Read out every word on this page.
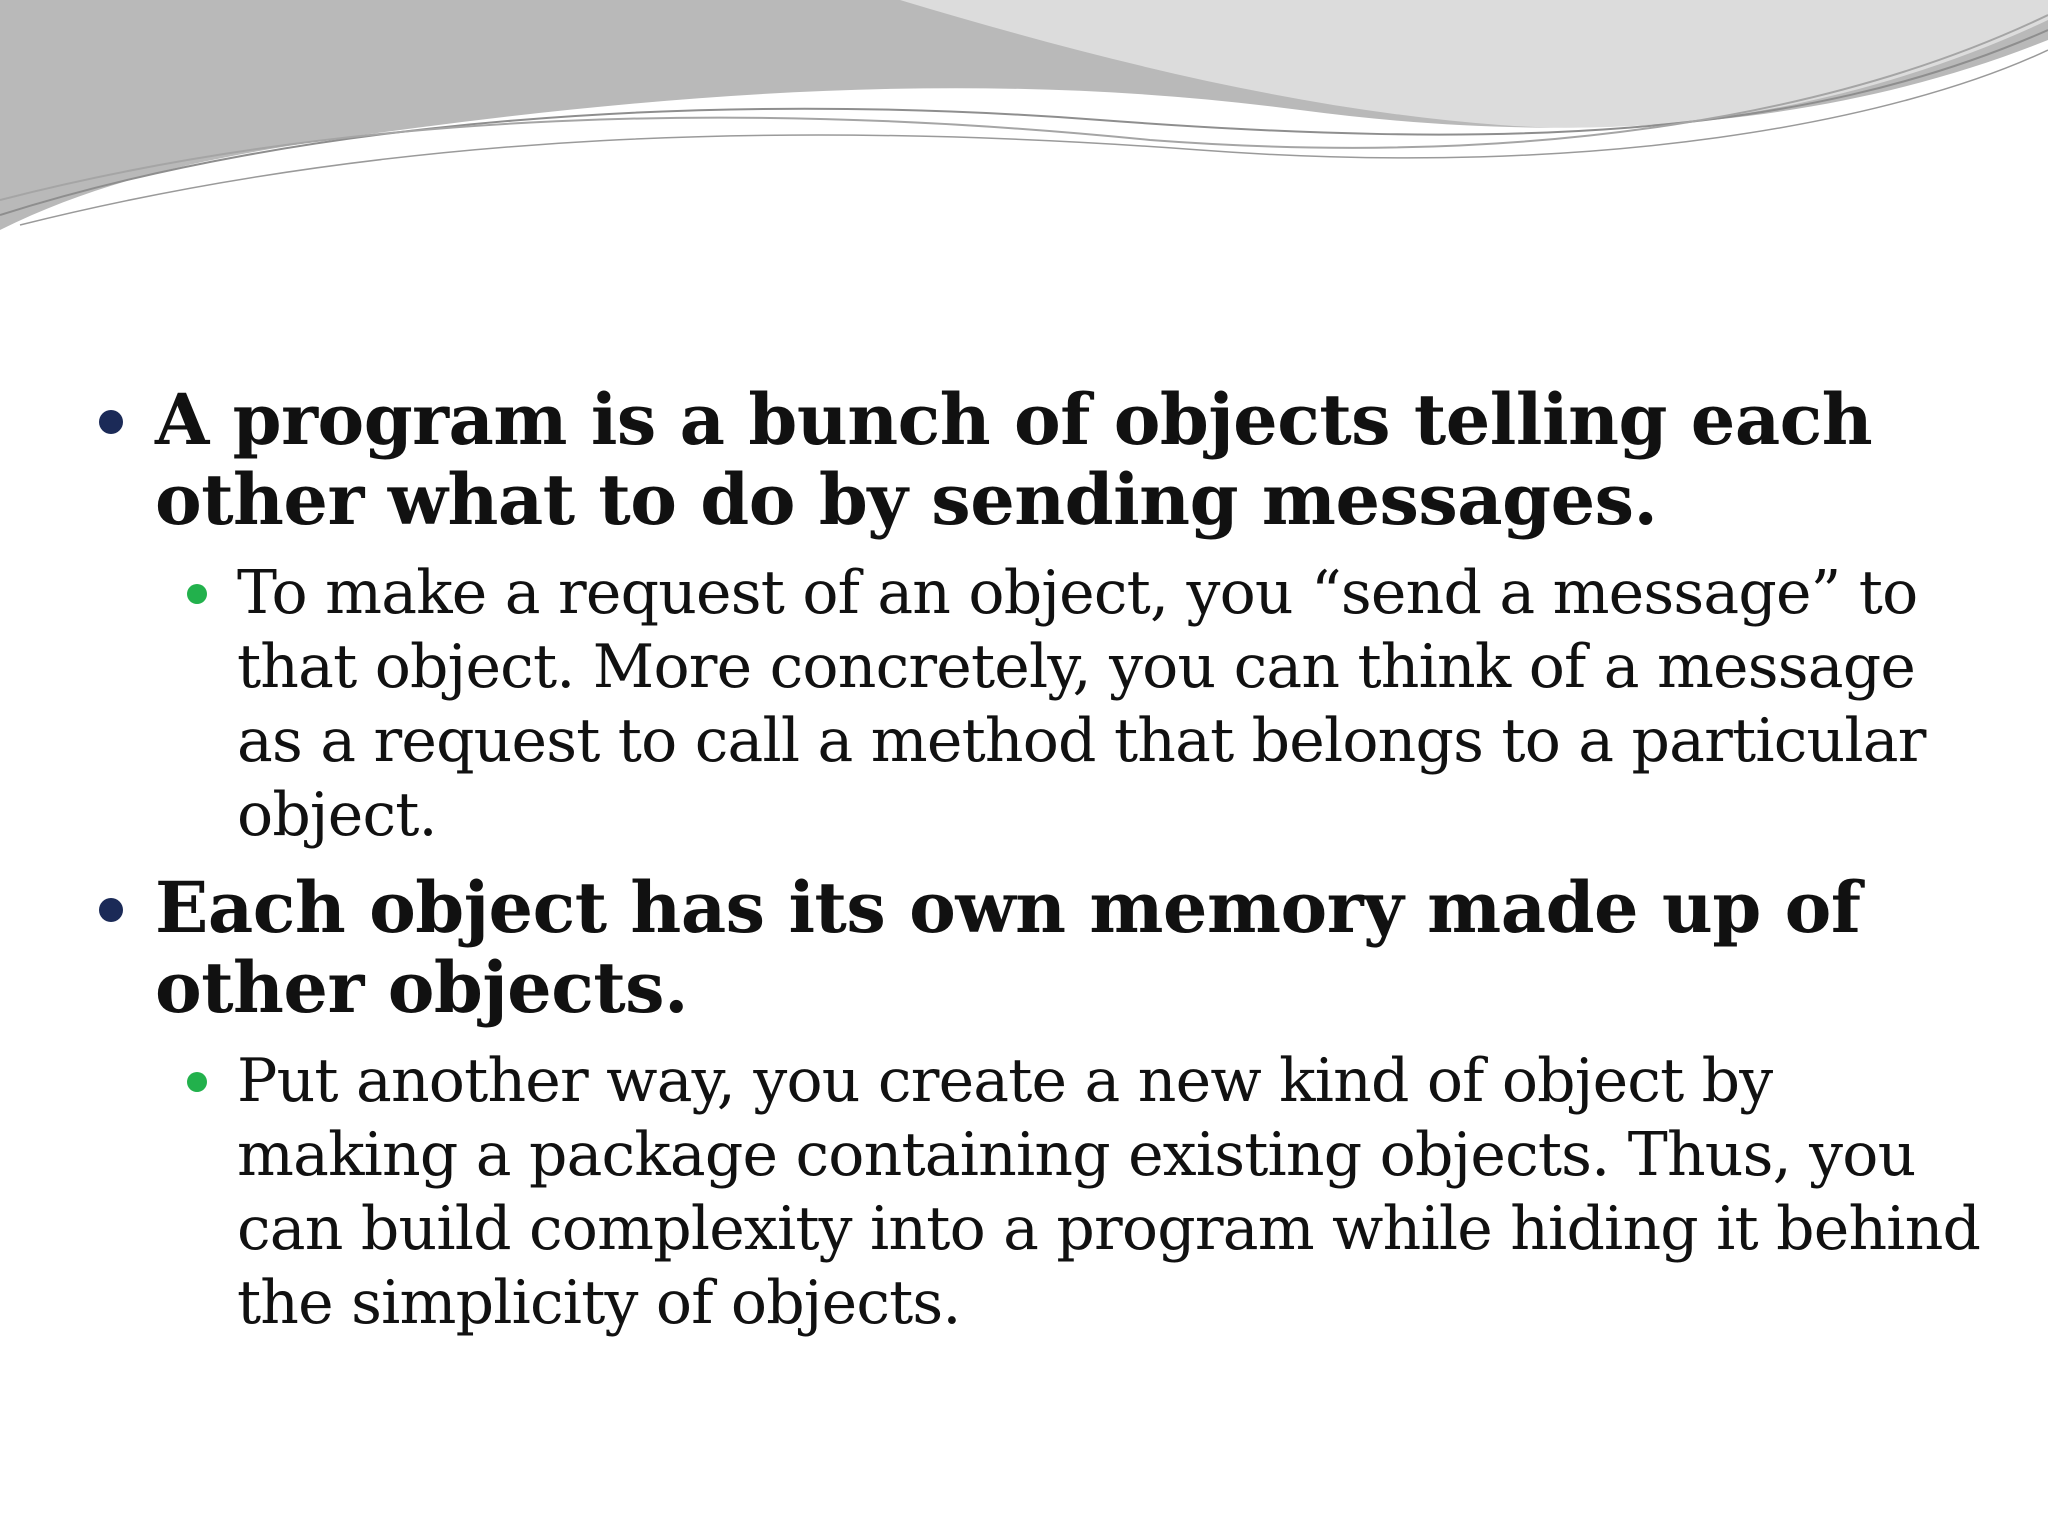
A program is a bunch of objects telling each other what to do by sending messages.
To make a request of an object, you “send a message” to that object. More concretely, you can think of a message as a request to call a method that belongs to a particular object.
Each object has its own memory made up of other objects.
Put another way, you create a new kind of object by making a package containing existing objects. Thus, you can build complexity into a program while hiding it behind the simplicity of objects.
